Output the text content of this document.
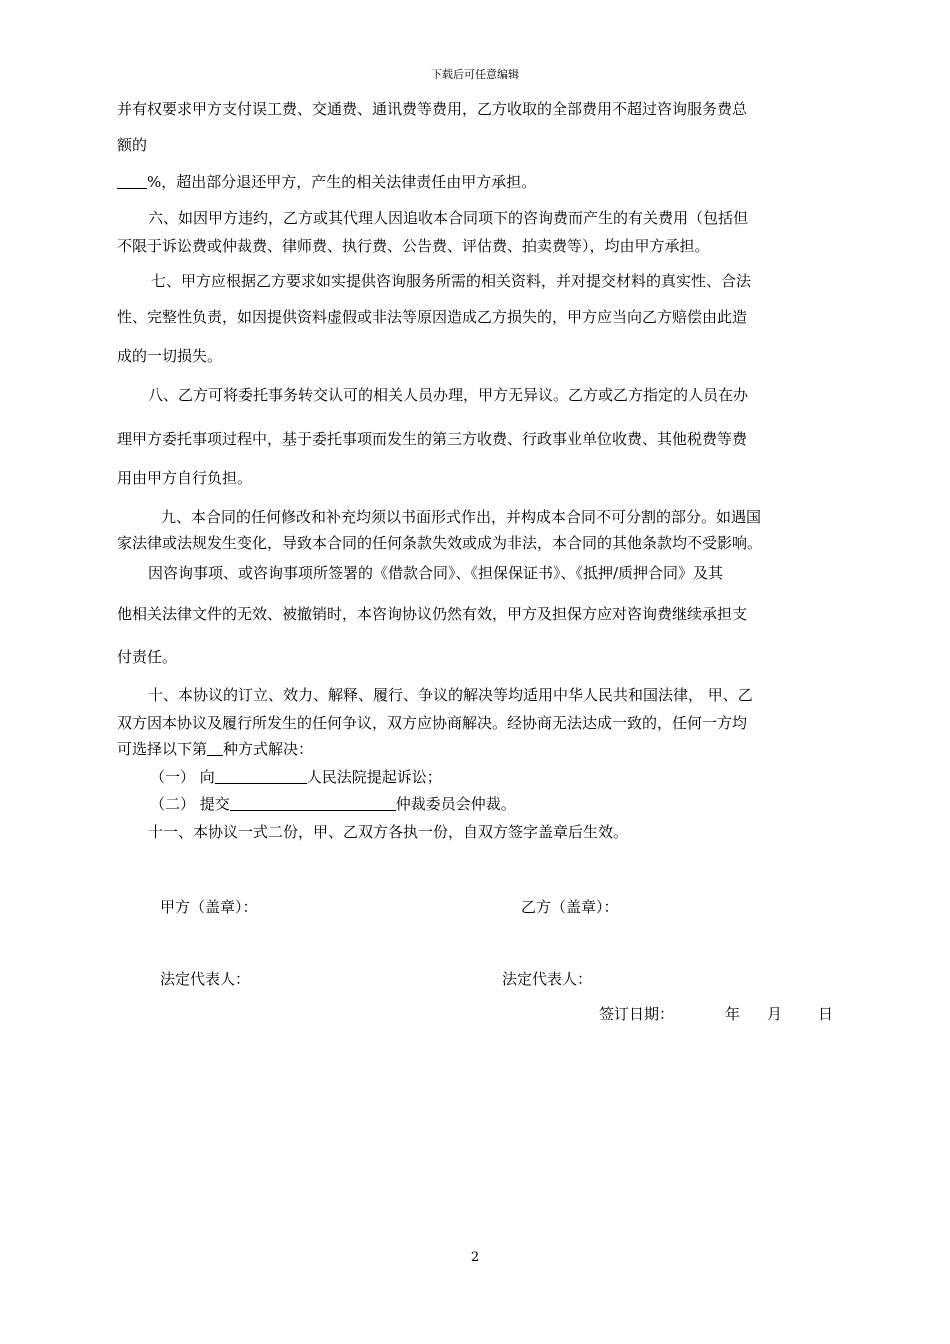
下载后可任意编辑
并有权要求甲方支付误工费、交通费、通讯费等费用，乙方收取的全部费用不超过咨询服务费总
额的
%，超出部分退还甲方，产生的相关法律责任由甲方承担。
六、如因甲方违约，乙方或其代理人因追收本合同项下的咨询费而产生的有关费用（包括但
不限于诉讼费或仲裁费、律师费、执行费、公告费、评估费、拍卖费等），均由甲方承担。
七、甲方应根据乙方要求如实提供咨询服务所需的相关资料，并对提交材料的真实性、合法
性、完整性负责，如因提供资料虚假或非法等原因造成乙方损失的，甲方应当向乙方赔偿由此造
成的一切损失。
八、乙方可将委托事务转交认可的相关人员办理，甲方无异议。乙方或乙方指定的人员在办
理甲方委托事项过程中，基于委托事项而发生的第三方收费、行政事业单位收费、其他税费等费
用由甲方自行负担。
九、本合同的任何修改和补充均须以书面形式作出，并构成本合同不可分割的部分。如遇国
家法律或法规发生变化，导致本合同的任何条款失效或成为非法，本合同的其他条款均不受影响。
因咨询事项、或咨询事项所签署的《借款合同》、《担保保证书》、《抵押/质押合同》及其
他相关法律文件的无效、被撤销时，本咨询协议仍然有效，甲方及担保方应对咨询费继续承担支
付责任。
十、本协议的订立、效力、解释、履行、争议的解决等均适用中华人民共和国法律， 甲、乙
双方因本协议及履行所发生的任何争议，双方应协商解决。经协商无法达成一致的，任何一方均
可选择以下第 种方式解决：
（一） 向	人民法院提起诉讼；
（二） 提交	仲裁委员会仲裁。
十一、本协议一式二份，甲、乙双方各执一份，自双方签字盖章后生效。
甲方（盖章）：	乙方（盖章）：
法定代表人：	法定代表人：
签订日期：	年 月 日
2
